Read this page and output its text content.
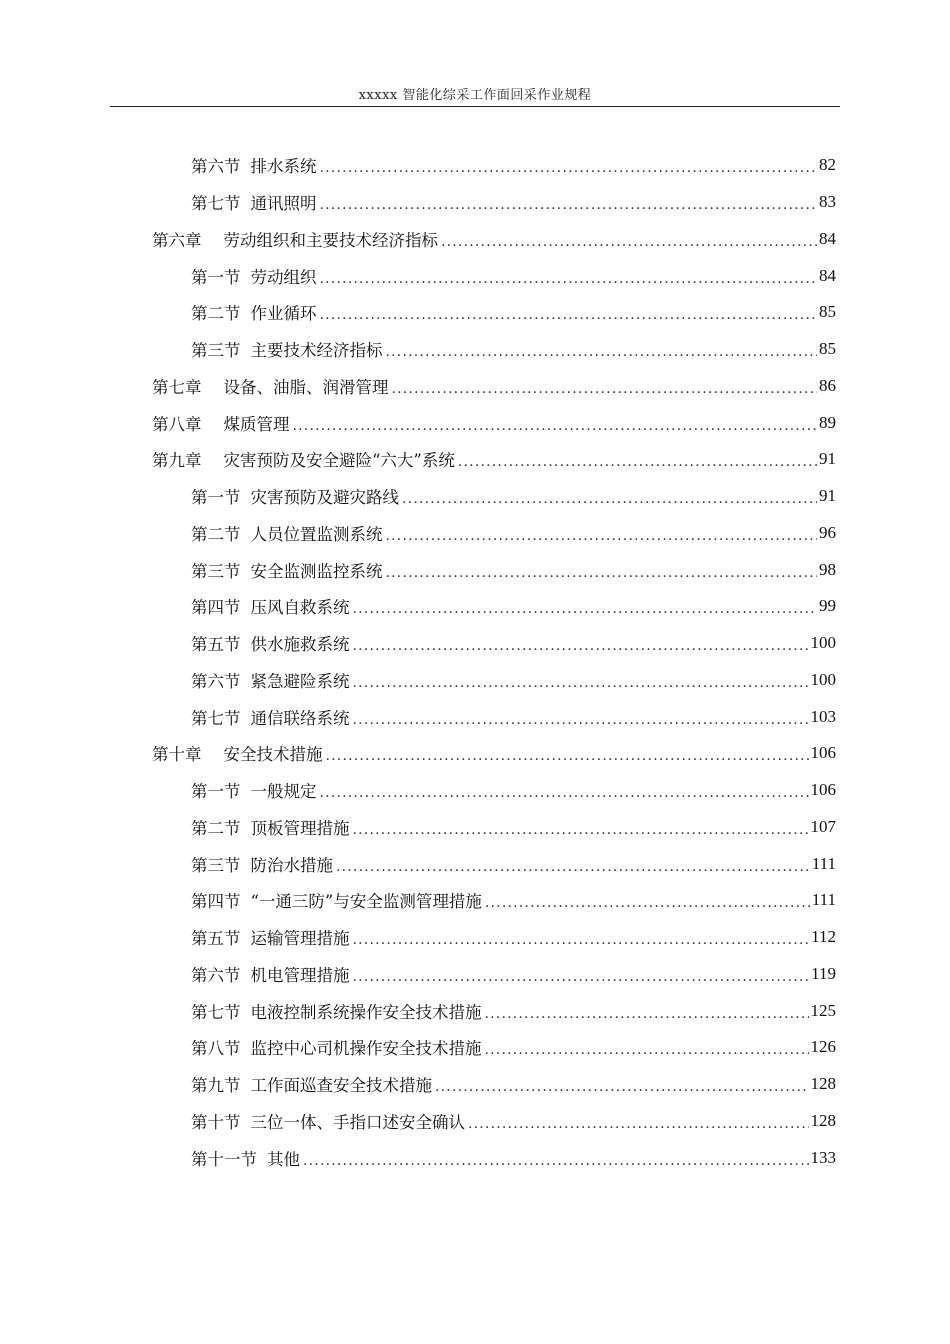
xxxxx 智能化综采工作面回采作业规程
第六节 排水系统 .....	82
第七节 通讯照明 .....	83
第六章 劳动组织和主要技术经济指标 .....	84
第一节 劳动组织 .....	84
第二节 作业循环 .....	85
第三节 主要技术经济指标 .....	85
第七章 设备、油脂、润滑管理 .....	86
第八章 煤质管理 .....	89
第九章 灾害预防及安全避险“六大”系统 .....	91
第一节 灾害预防及避灾路线 .....	91
第二节 人员位置监测系统 .....	96
第三节 安全监测监控系统 .....	98
第四节 压风自救系统 .....	99
第五节 供水施救系统 .....	100
第六节 紧急避险系统 .....	100
第七节 通信联络系统 .....	103
第十章 安全技术措施 .....	106
第一节 一般规定 .....	106
第二节 顶板管理措施 .....	107
第三节 防治水措施 .....	111
第四节 “一通三防”与安全监测管理措施 .....	111
第五节 运输管理措施 .....	112
第六节 机电管理措施 .....	119
第七节 电液控制系统操作安全技术措施 .....	125
第八节 监控中心司机操作安全技术措施 .....	126
第九节 工作面巡查安全技术措施 .....	128
第十节 三位一体、手指口述安全确认 .....	128
第十一节 其他 .....	133
